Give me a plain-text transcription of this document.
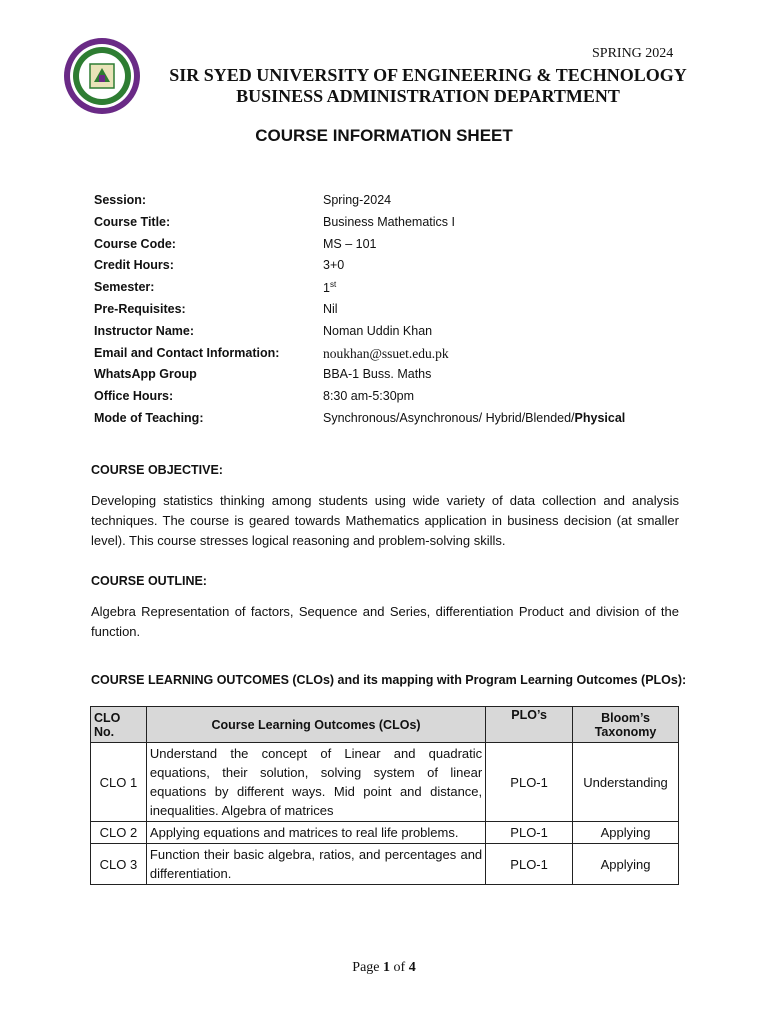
SPRING 2024
SIR SYED UNIVERSITY OF ENGINEERING & TECHNOLOGY
BUSINESS ADMINISTRATION DEPARTMENT
COURSE INFORMATION SHEET
Session:	Spring-2024
Course Title:	Business Mathematics I
Course Code:	MS – 101
Credit Hours:	3+0
Semester:	1st
Pre-Requisites:	Nil
Instructor Name:	Noman Uddin Khan
Email and Contact Information:	noukhan@ssuet.edu.pk
WhatsApp Group	BBA-1 Buss. Maths
Office Hours:	8:30 am-5:30pm
Mode of Teaching:	Synchronous/Asynchronous/ Hybrid/Blended/Physical
COURSE OBJECTIVE:
Developing statistics thinking among students using wide variety of data collection and analysis techniques. The course is geared towards Mathematics application in business decision (at smaller level). This course stresses logical reasoning and problem-solving skills.
COURSE OUTLINE:
Algebra Representation of factors, Sequence and Series, differentiation Product and division of the function.
COURSE LEARNING OUTCOMES (CLOs) and its mapping with Program Learning Outcomes (PLOs):
CLO No.	Course Learning Outcomes (CLOs)	PLO’s	Bloom’s Taxonomy
CLO 1	Understand the concept of Linear and quadratic equations, their solution, solving system of linear equations by different ways. Mid point and distance, inequalities. Algebra of matrices	PLO-1	Understanding
CLO 2	Applying equations and matrices to real life problems.	PLO-1	Applying
CLO 3	Function their basic algebra, ratios, and percentages and differentiation.	PLO-1	Applying
Page 1 of 4
